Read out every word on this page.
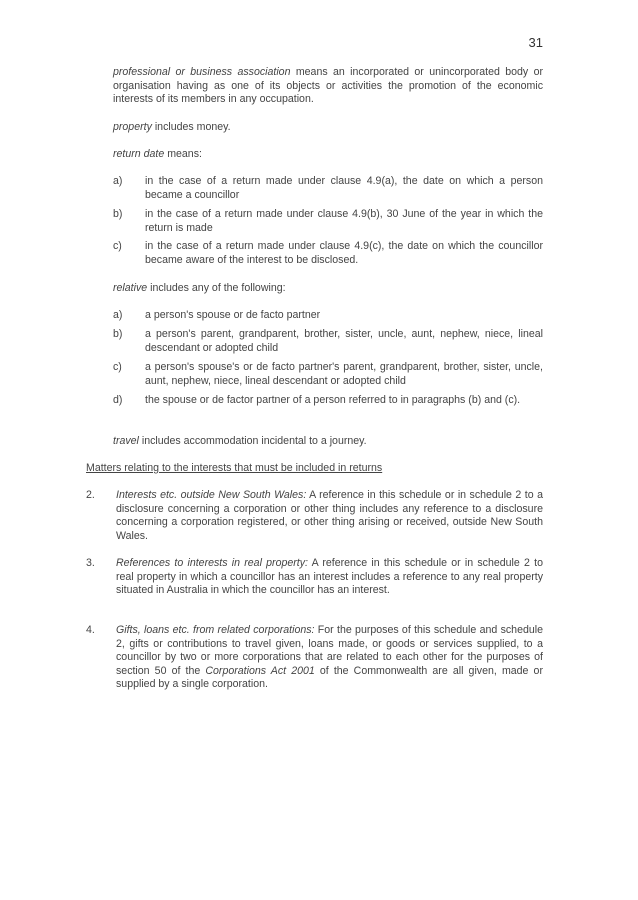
31
professional or business association means an incorporated or unincorporated body or organisation having as one of its objects or activities the promotion of the economic interests of its members in any occupation.
property includes money.
return date means:
a)	in the case of a return made under clause 4.9(a), the date on which a person became a councillor
b)	in the case of a return made under clause 4.9(b), 30 June of the year in which the return is made
c)	in the case of a return made under clause 4.9(c), the date on which the councillor became aware of the interest to be disclosed.
relative includes any of the following:
a)	a person's spouse or de facto partner
b)	a person's parent, grandparent, brother, sister, uncle, aunt, nephew, niece, lineal descendant or adopted child
c)	a person's spouse's or de facto partner's parent, grandparent, brother, sister, uncle, aunt, nephew, niece, lineal descendant or adopted child
d)	the spouse or de factor partner of a person referred to in paragraphs (b) and (c).
travel includes accommodation incidental to a journey.
Matters relating to the interests that must be included in returns
2.	Interests etc. outside New South Wales: A reference in this schedule or in schedule 2 to a disclosure concerning a corporation or other thing includes any reference to a disclosure concerning a corporation registered, or other thing arising or received, outside New South Wales.
3.	References to interests in real property: A reference in this schedule or in schedule 2 to real property in which a councillor has an interest includes a reference to any real property situated in Australia in which the councillor has an interest.
4.	Gifts, loans etc. from related corporations: For the purposes of this schedule and schedule 2, gifts or contributions to travel given, loans made, or goods or services supplied, to a councillor by two or more corporations that are related to each other for the purposes of section 50 of the Corporations Act 2001 of the Commonwealth are all given, made or supplied by a single corporation.
